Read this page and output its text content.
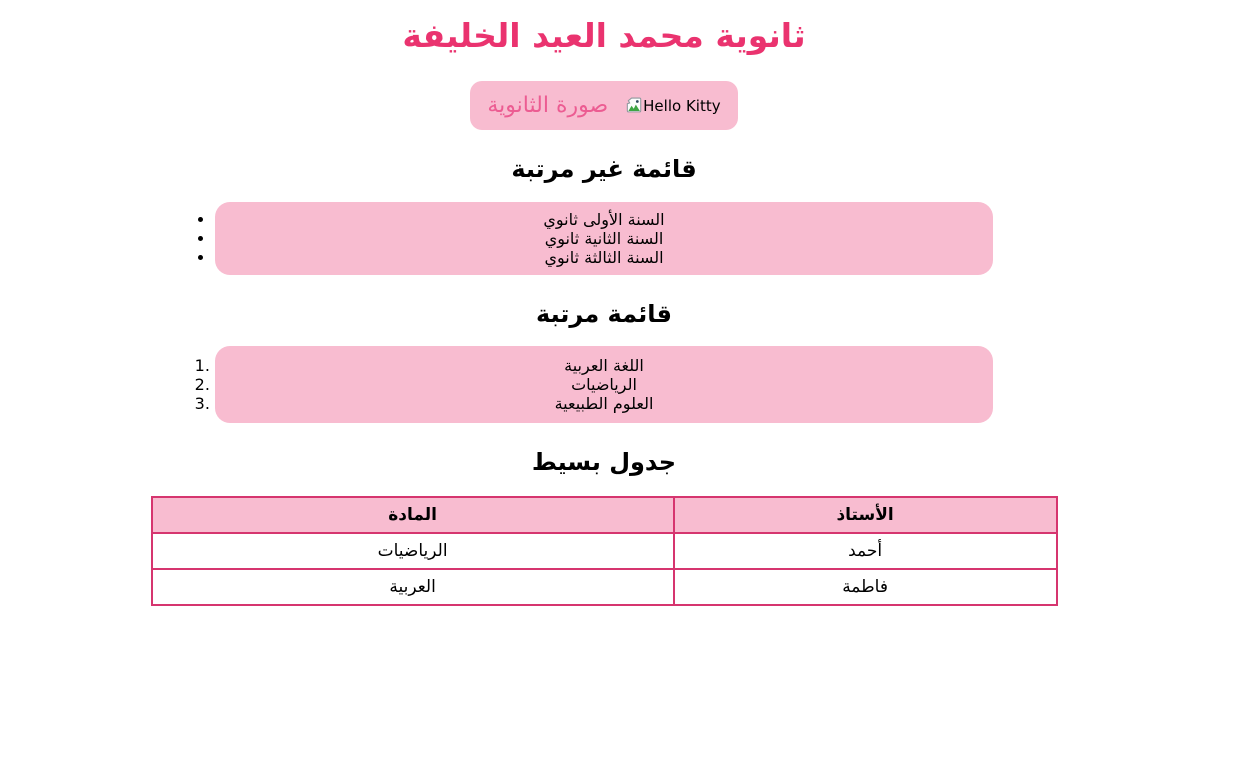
ثانوية محمد العيد الخليفة
صورة الثانوية Hello Kitty
قائمة غير مرتبة
• السنة الأولى ثانوي
• السنة الثانية ثانوي
• السنة الثالثة ثانوي
قائمة مرتبة
1. اللغة العربية
2. الرياضيات
3. العلوم الطبيعية
جدول بسيط
المادة	الأستاذ
الرياضيات	أحمد
العربية	فاطمة
